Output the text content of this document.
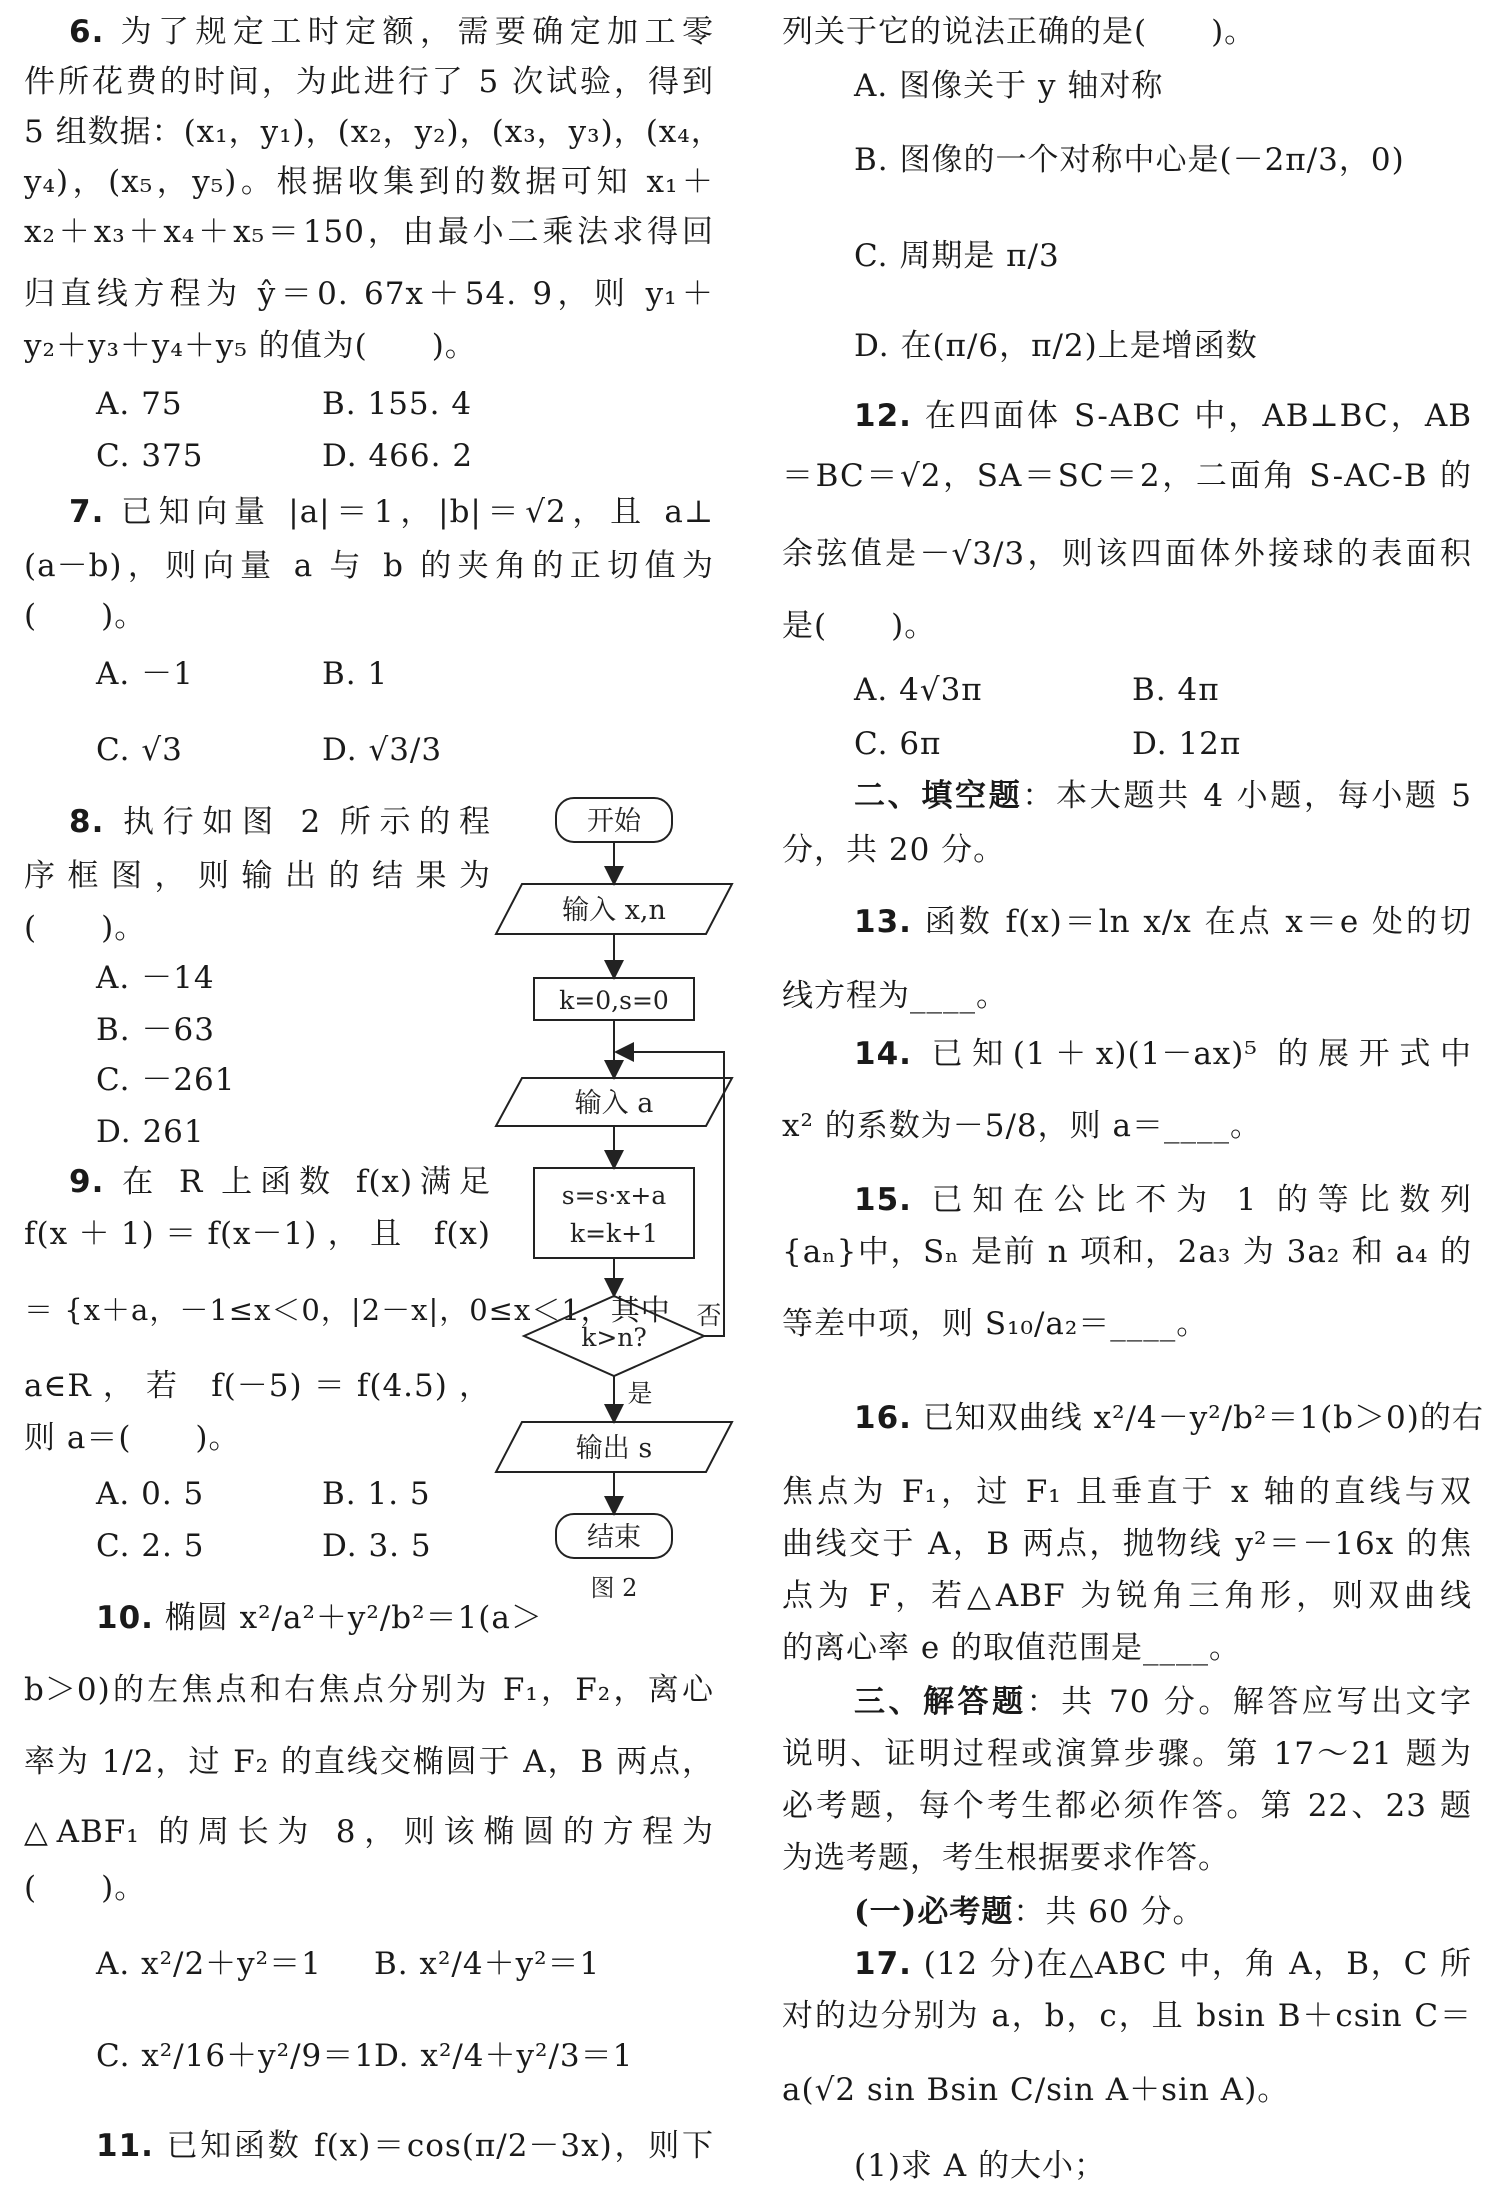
6. 为了规定工时定额，需要确定加工零
件所花费的时间，为此进行了 5 次试验，得到
5 组数据：(x₁，y₁)，(x₂，y₂)，(x₃，y₃)，(x₄，
y₄)，(x₅，y₅)。根据收集到的数据可知 x₁＋
x₂＋x₃＋x₄＋x₅＝150，由最小二乘法求得回
归直线方程为 ŷ＝0. 67x＋54. 9，则 y₁＋
y₂＋y₃＋y₄＋y₅ 的值为(　　)。
A. 75	B. 155. 4
C. 375	D. 466. 2
7. 已知向量 |a|＝1，|b|＝√2，且 a⊥
(a－b)，则向量 a 与 b 的夹角的正切值为
(　　)。
A. －1	B. 1
C. √3	D. √3/3
8. 执行如图 2 所示的程
序框图，则输出的结果为
(　　)。
A. －14
B. －63
C. －261
D. 261
9. 在 R 上函数 f(x)满足
f(x＋1)＝f(x－1)，且 f(x)
＝ {x＋a，－1≤x＜0，|2－x|，0≤x＜1，其中
a∈R，若 f(－5)＝f(4.5)，
则 a＝(　　)。
A. 0. 5	B. 1. 5
C. 2. 5	D. 3. 5
10. 椭圆 x²/a²＋y²/b²＝1(a＞
b＞0)的左焦点和右焦点分别为 F₁，F₂，离心
率为 1/2，过 F₂ 的直线交椭圆于 A，B 两点，
△ABF₁ 的周长为 8，则该椭圆的方程为
(　　)。
A. x²/2＋y²＝1 B. x²/4＋y²＝1
C. x²/16＋y²/9＝1 D. x²/4＋y²/3＝1
11. 已知函数 f(x)＝cos(π/2－3x)，则下
开始
输入 x,n
k=0,s=0
输入 a
s=s·x+a
k=k+1
k>n?
否
是
输出 s
结束
图 2
列关于它的说法正确的是(　　)。
A. 图像关于 y 轴对称
B. 图像的一个对称中心是(－2π/3，0)
C. 周期是 π/3
D. 在(π/6，π/2)上是增函数
12. 在四面体 S-ABC 中，AB⊥BC，AB
＝BC＝√2，SA＝SC＝2，二面角 S-AC-B 的
余弦值是－√3/3，则该四面体外接球的表面积
是(　　)。
A. 4√3π	B. 4π
C. 6π	D. 12π
二、填空题：本大题共 4 小题，每小题 5
分，共 20 分。
13. 函数 f(x)＝ln x/x 在点 x＝e 处的切
线方程为____。
14. 已知(1＋x)(1－ax)⁵ 的展开式中
x² 的系数为－5/8，则 a＝____。
15. 已知在公比不为 1 的等比数列
{aₙ}中，Sₙ 是前 n 项和，2a₃ 为 3a₂ 和 a₄ 的
等差中项，则 S₁₀/a₂＝____。
16. 已知双曲线 x²/4－y²/b²＝1(b＞0)的右
焦点为 F₁，过 F₁ 且垂直于 x 轴的直线与双
曲线交于 A，B 两点，抛物线 y²＝－16x 的焦
点为 F，若△ABF 为锐角三角形，则双曲线
的离心率 e 的取值范围是____。
三、解答题：共 70 分。解答应写出文字
说明、证明过程或演算步骤。第 17～21 题为
必考题，每个考生都必须作答。第 22、23 题
为选考题，考生根据要求作答。
(一)必考题：共 60 分。
17. (12 分)在△ABC 中，角 A，B，C 所
对的边分别为 a，b，c，且 bsin B＋csin C＝
a(√2 sin Bsin C/sin A＋sin A)。
(1)求 A 的大小；
